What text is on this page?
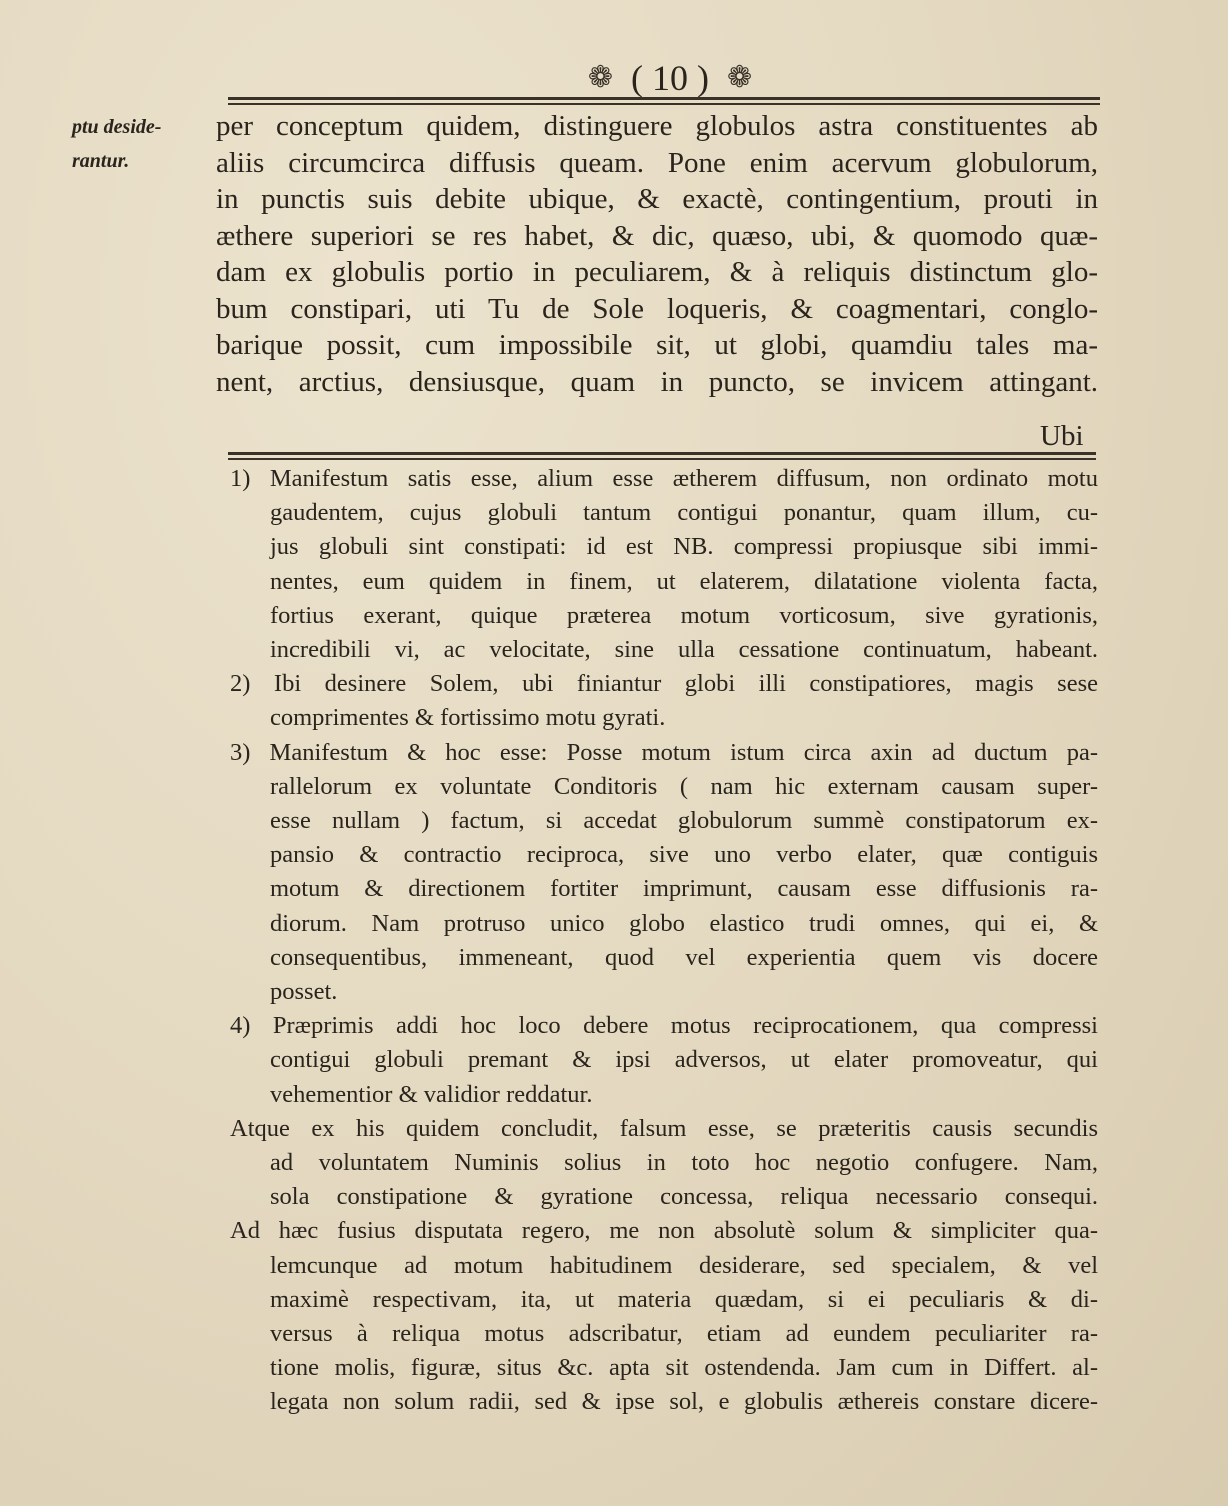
❁ ( 10 ) ❁
ptu deside-
rantur.
per conceptum quidem, distinguere globulos astra constituentes ab
aliis circumcirca diffusis queam. Pone enim acervum globulorum,
in punctis suis debite ubique, & exactè, contingentium, prouti in
æthere superiori se res habet, & dic, quæso, ubi, & quomodo quæ-
dam ex globulis portio in peculiarem, & à reliquis distinctum glo-
bum constipari, uti Tu de Sole loqueris, & coagmentari, conglo-
barique possit, cum impossibile sit, ut globi, quamdiu tales ma-
nent, arctius, densiusque, quam in puncto, se invicem attingant.
Ubi
1) Manifestum satis esse, alium esse ætherem diffusum, non ordinato motu
gaudentem, cujus globuli tantum contigui ponantur, quam illum, cu-
jus globuli sint constipati: id est NB. compressi propiusque sibi immi-
nentes, eum quidem in finem, ut elaterem, dilatatione violenta facta,
fortius exerant, quique præterea motum vorticosum, sive gyrationis,
incredibili vi, ac velocitate, sine ulla cessatione continuatum, habeant.
2) Ibi desinere Solem, ubi finiantur globi illi constipatiores, magis sese
comprimentes & fortissimo motu gyrati.
3) Manifestum & hoc esse: Posse motum istum circa axin ad ductum pa-
rallelorum ex voluntate Conditoris ( nam hic externam causam super-
esse nullam ) factum, si accedat globulorum summè constipatorum ex-
pansio & contractio reciproca, sive uno verbo elater, quæ contiguis
motum & directionem fortiter imprimunt, causam esse diffusionis ra-
diorum. Nam protruso unico globo elastico trudi omnes, qui ei, &
consequentibus, immeneant, quod vel experientia quem vis docere
posset.
4) Præprimis addi hoc loco debere motus reciprocationem, qua compressi
contigui globuli premant & ipsi adversos, ut elater promoveatur, qui
vehementior & validior reddatur.
Atque ex his quidem concludit, falsum esse, se præteritis causis secundis
ad voluntatem Numinis solius in toto hoc negotio confugere. Nam,
sola constipatione & gyratione concessa, reliqua necessario consequi.
Ad hæc fusius disputata regero, me non absolutè solum & simpliciter qua-
lemcunque ad motum habitudinem desiderare, sed specialem, & vel
maximè respectivam, ita, ut materia quædam, si ei peculiaris & di-
versus à reliqua motus adscribatur, etiam ad eundem peculiariter ra-
tione molis, figuræ, situs &c. apta sit ostendenda. Jam cum in Differt. al-
legata non solum radii, sed & ipse sol, e globulis æthereis constare dicere-
